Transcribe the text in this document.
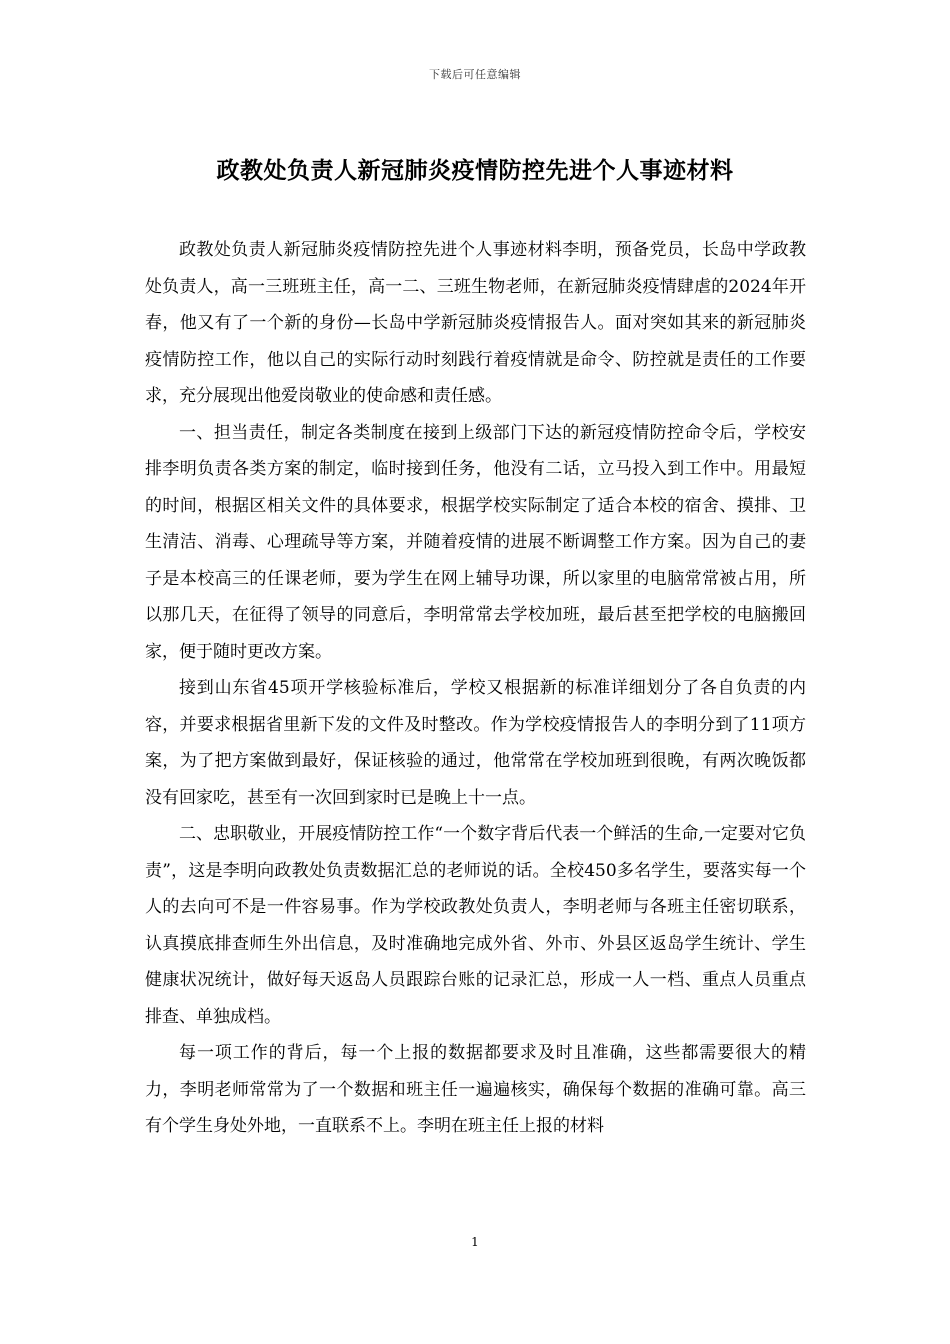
下载后可任意编辑
政教处负责人新冠肺炎疫情防控先进个人事迹材料

政教处负责人新冠肺炎疫情防控先进个人事迹材料李明，预备党员，长岛中学政教处负责人，高一三班班主任，高一二、三班生物老师，在新冠肺炎疫情肆虐的2024年开春，他又有了一个新的身份—长岛中学新冠肺炎疫情报告人。面对突如其来的新冠肺炎疫情防控工作，他以自己的实际行动时刻践行着疫情就是命令、防控就是责任的工作要求，充分展现出他爱岗敬业的使命感和责任感。

一、担当责任，制定各类制度在接到上级部门下达的新冠疫情防控命令后，学校安排李明负责各类方案的制定，临时接到任务，他没有二话，立马投入到工作中。用最短的时间，根据区相关文件的具体要求，根据学校实际制定了适合本校的宿舍、摸排、卫生清洁、消毒、心理疏导等方案，并随着疫情的进展不断调整工作方案。因为自己的妻子是本校高三的任课老师，要为学生在网上辅导功课，所以家里的电脑常常被占用，所以那几天，在征得了领导的同意后，李明常常去学校加班，最后甚至把学校的电脑搬回家，便于随时更改方案。

接到山东省45项开学核验标准后，学校又根据新的标准详细划分了各自负责的内容，并要求根据省里新下发的文件及时整改。作为学校疫情报告人的李明分到了11项方案，为了把方案做到最好，保证核验的通过，他常常在学校加班到很晚，有两次晚饭都没有回家吃，甚至有一次回到家时已是晚上十一点。

二、忠职敬业，开展疫情防控工作“一个数字背后代表一个鲜活的生命,一定要对它负责”，这是李明向政教处负责数据汇总的老师说的话。全校450多名学生，要落实每一个人的去向可不是一件容易事。作为学校政教处负责人，李明老师与各班主任密切联系，认真摸底排查师生外出信息，及时准确地完成外省、外市、外县区返岛学生统计、学生健康状况统计，做好每天返岛人员跟踪台账的记录汇总，形成一人一档、重点人员重点排查、单独成档。

每一项工作的背后，每一个上报的数据都要求及时且准确，这些都需要很大的精力，李明老师常常为了一个数据和班主任一遍遍核实，确保每个数据的准确可靠。高三有个学生身处外地，一直联系不上。李明在班主任上报的材料

1
